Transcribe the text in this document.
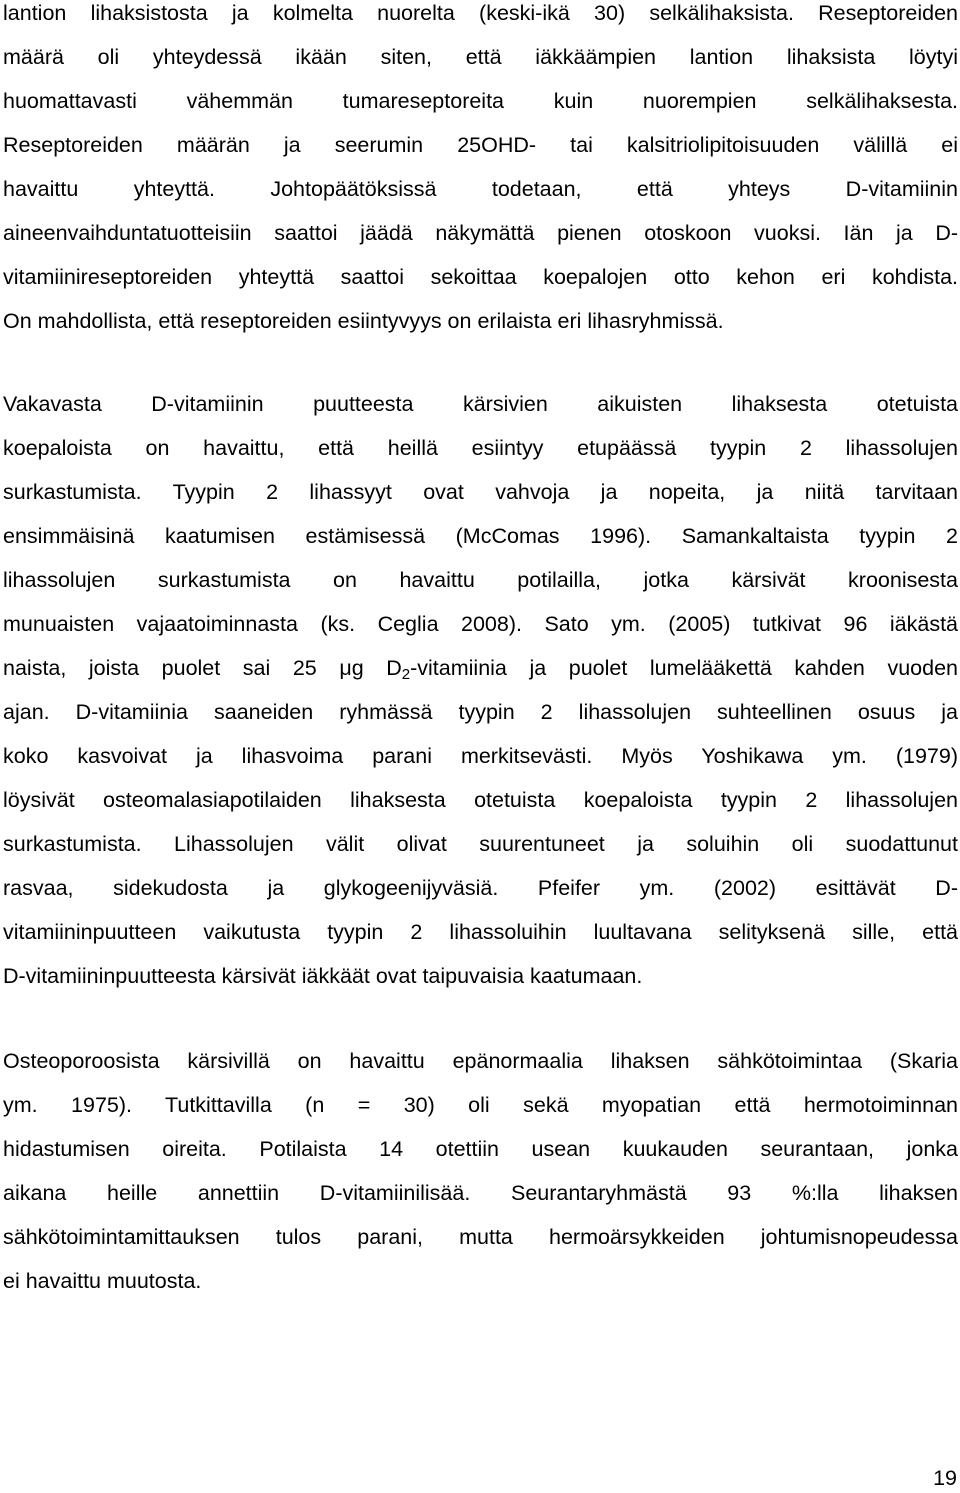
lantion lihaksistosta ja kolmelta nuorelta (keski-ikä 30) selkälihaksista. Reseptoreiden
määrä oli yhteydessä ikään siten, että iäkkäämpien lantion lihaksista löytyi
huomattavasti vähemmän tumareseptoreita kuin nuorempien selkälihaksesta.
Reseptoreiden määrän ja seerumin 25OHD- tai kalsitriolipitoisuuden välillä ei
havaittu yhteyttä. Johtopäätöksissä todetaan, että yhteys D-vitamiinin
aineenvaihduntatuotteisiin saattoi jäädä näkymättä pienen otoskoon vuoksi. Iän ja D-
vitamiinireseptoreiden yhteyttä saattoi sekoittaa koepalojen otto kehon eri kohdista.
On mahdollista, että reseptoreiden esiintyvyys on erilaista eri lihasryhmissä.
Vakavasta D-vitamiinin puutteesta kärsivien aikuisten lihaksesta otetuista
koepaloista on havaittu, että heillä esiintyy etupäässä tyypin 2 lihassolujen
surkastumista. Tyypin 2 lihassyyt ovat vahvoja ja nopeita, ja niitä tarvitaan
ensimmäisinä kaatumisen estämisessä (McComas 1996). Samankaltaista tyypin 2
lihassolujen surkastumista on havaittu potilailla, jotka kärsivät kroonisesta
munuaisten vajaatoiminnasta (ks. Ceglia 2008). Sato ym. (2005) tutkivat 96 iäkästä
naista, joista puolet sai 25 μg $D_2$-vitamiinia ja puolet lumelääkettä kahden vuoden
ajan. D-vitamiinia saaneiden ryhmässä tyypin 2 lihassolujen suhteellinen osuus ja
koko kasvoivat ja lihasvoima parani merkitsevästi. Myös Yoshikawa ym. (1979)
löysivät osteomalasiapotilaiden lihaksesta otetuista koepaloista tyypin 2 lihassolujen
surkastumista. Lihassolujen välit olivat suurentuneet ja soluihin oli suodattunut
rasvaa, sidekudosta ja glykogeenijyväsiä. Pfeifer ym. (2002) esittävät D-
vitamiininpuutteen vaikutusta tyypin 2 lihassoluihin luultavana selityksenä sille, että
D-vitamiininpuutteesta kärsivät iäkkäät ovat taipuvaisia kaatumaan.
Osteoporoosista kärsivillä on havaittu epänormaalia lihaksen sähkötoimintaa (Skaria
ym. 1975). Tutkittavilla (n = 30) oli sekä myopatian että hermotoiminnan
hidastumisen oireita. Potilaista 14 otettiin usean kuukauden seurantaan, jonka
aikana heille annettiin D-vitamiinilisää. Seurantaryhmästä 93 %:lla lihaksen
sähkötoimintamittauksen tulos parani, mutta hermoärsykkeiden johtumisnopeudessa
ei havaittu muutosta.
19
